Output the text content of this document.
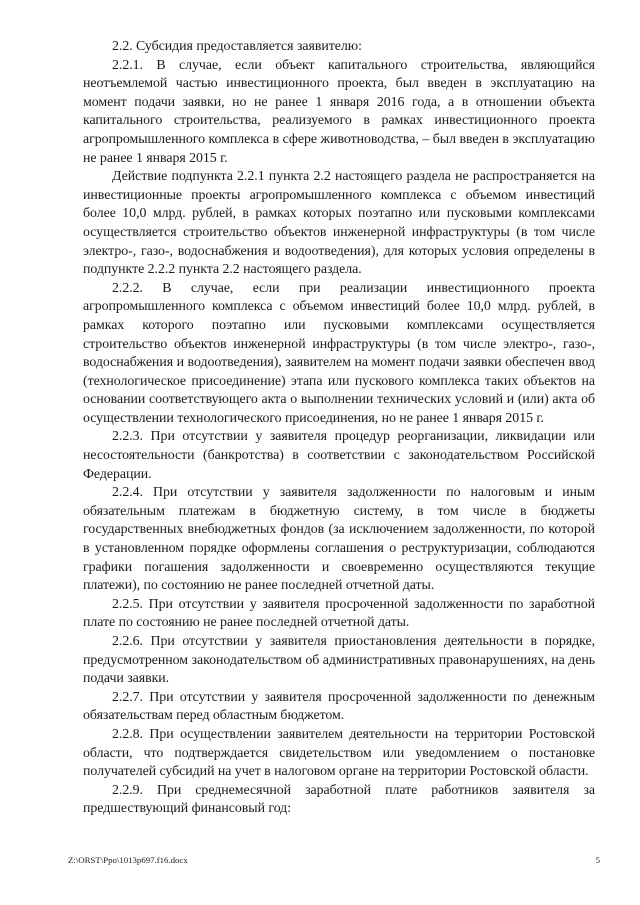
2.2. Субсидия предоставляется заявителю:

2.2.1. В случае, если объект капитального строительства, являющийся неотъемлемой частью инвестиционного проекта, был введен в эксплуатацию на момент подачи заявки, но не ранее 1 января 2016 года, а в отношении объекта капитального строительства, реализуемого в рамках инвестиционного проекта агропромышленного комплекса в сфере животноводства, – был введен в эксплуатацию не ранее 1 января 2015 г.

Действие подпункта 2.2.1 пункта 2.2 настоящего раздела не распространяется на инвестиционные проекты агропромышленного комплекса с объемом инвестиций более 10,0 млрд. рублей, в рамках которых поэтапно или пусковыми комплексами осуществляется строительство объектов инженерной инфраструктуры (в том числе электро-, газо-, водоснабжения и водоотведения), для которых условия определены в подпункте 2.2.2 пункта 2.2 настоящего раздела.

2.2.2. В случае, если при реализации инвестиционного проекта агропромышленного комплекса с объемом инвестиций более 10,0 млрд. рублей, в рамках которого поэтапно или пусковыми комплексами осуществляется строительство объектов инженерной инфраструктуры (в том числе электро-, газо-, водоснабжения и водоотведения), заявителем на момент подачи заявки обеспечен ввод (технологическое присоединение) этапа или пускового комплекса таких объектов на основании соответствующего акта о выполнении технических условий и (или) акта об осуществлении технологического присоединения, но не ранее 1 января 2015 г.

2.2.3. При отсутствии у заявителя процедур реорганизации, ликвидации или несостоятельности (банкротства) в соответствии с законодательством Российской Федерации.

2.2.4. При отсутствии у заявителя задолженности по налоговым и иным обязательным платежам в бюджетную систему, в том числе в бюджеты государственных внебюджетных фондов (за исключением задолженности, по которой в установленном порядке оформлены соглашения о реструктуризации, соблюдаются графики погашения задолженности и своевременно осуществляются текущие платежи), по состоянию не ранее последней отчетной даты.

2.2.5. При отсутствии у заявителя просроченной задолженности по заработной плате по состоянию не ранее последней отчетной даты.

2.2.6. При отсутствии у заявителя приостановления деятельности в порядке, предусмотренном законодательством об административных правонарушениях, на день подачи заявки.

2.2.7. При отсутствии у заявителя просроченной задолженности по денежным обязательствам перед областным бюджетом.

2.2.8. При осуществлении заявителем деятельности на территории Ростовской области, что подтверждается свидетельством или уведомлением о постановке получателей субсидий на учет в налоговом органе на территории Ростовской области.

2.2.9. При среднемесячной заработной плате работников заявителя за предшествующий финансовый год:

Z:\ORST\Ppo\1013p697.f16.docx	5
